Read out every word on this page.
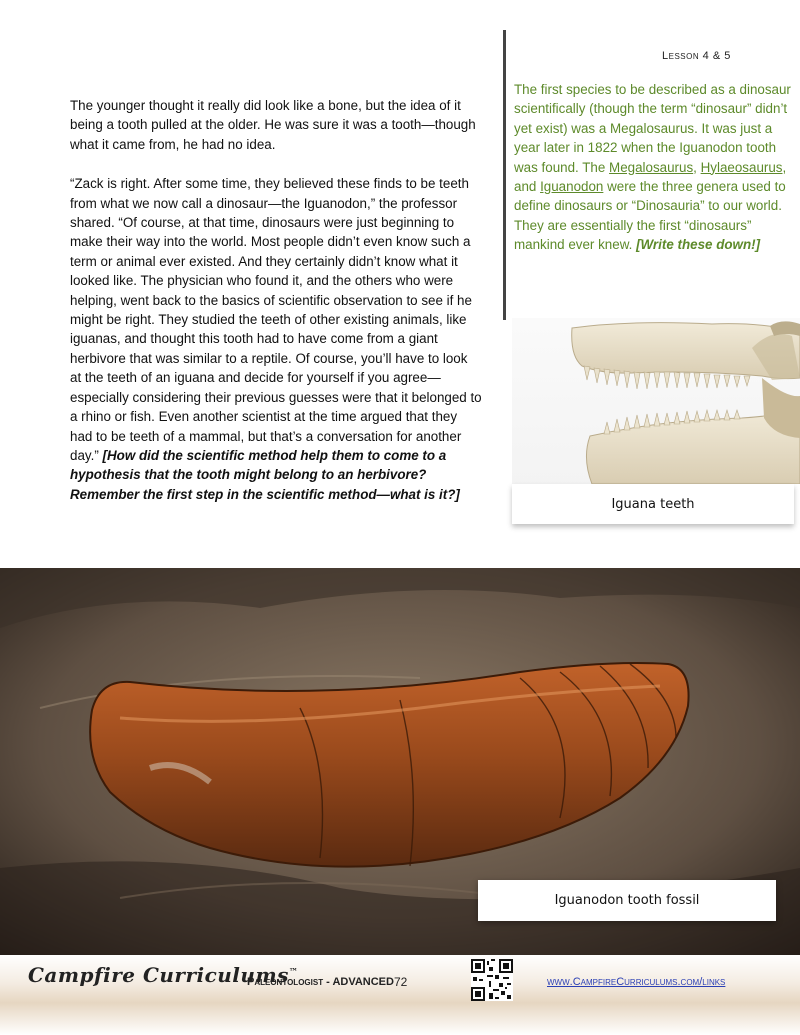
Lesson 4 & 5

The younger thought it really did look like a bone, but the idea of it being a tooth pulled at the older. He was sure it was a tooth—though what it came from, he had no idea.

“Zack is right. After some time, they believed these finds to be teeth from what we now call a dinosaur—the Iguanodon,” the professor shared. “Of course, at that time, dinosaurs were just beginning to make their way into the world. Most people didn’t even know such a term or animal ever existed. And they certainly didn’t know what it looked like. The physician who found it, and the others who were helping, went back to the basics of scientific observation to see if he might be right. They studied the teeth of other existing animals, like iguanas, and thought this tooth had to have come from a giant herbivore that was similar to a reptile. Of course, you’ll have to look at the teeth of an iguana and decide for yourself if you agree—especially considering their previous guesses were that it belonged to a rhino or fish. Even another scientist at the time argued that they had to be teeth of a mammal, but that’s a conversation for another day.” [How did the scientific method help them to come to a hypothesis that the tooth might belong to an herbivore? Remember the first step in the scientific method—what is it?]

The first species to be described as a dinosaur scientifically (though the term “dinosaur” didn’t yet exist) was a Megalosaurus. It was just a year later in 1822 when the Iguanodon tooth was found. The Megalosaurus, Hylaeosaurus, and Iguanodon were the three genera used to define dinosaurs or “Dinosauria” to our world. They are essentially the first “dinosaurs” mankind ever knew. [Write these down!]
Iguana teeth
Iguanodon tooth fossil
Campfire Curriculums™
Paleontologist - ADVANCED 72	www.CampfireCurriculums.com/links
